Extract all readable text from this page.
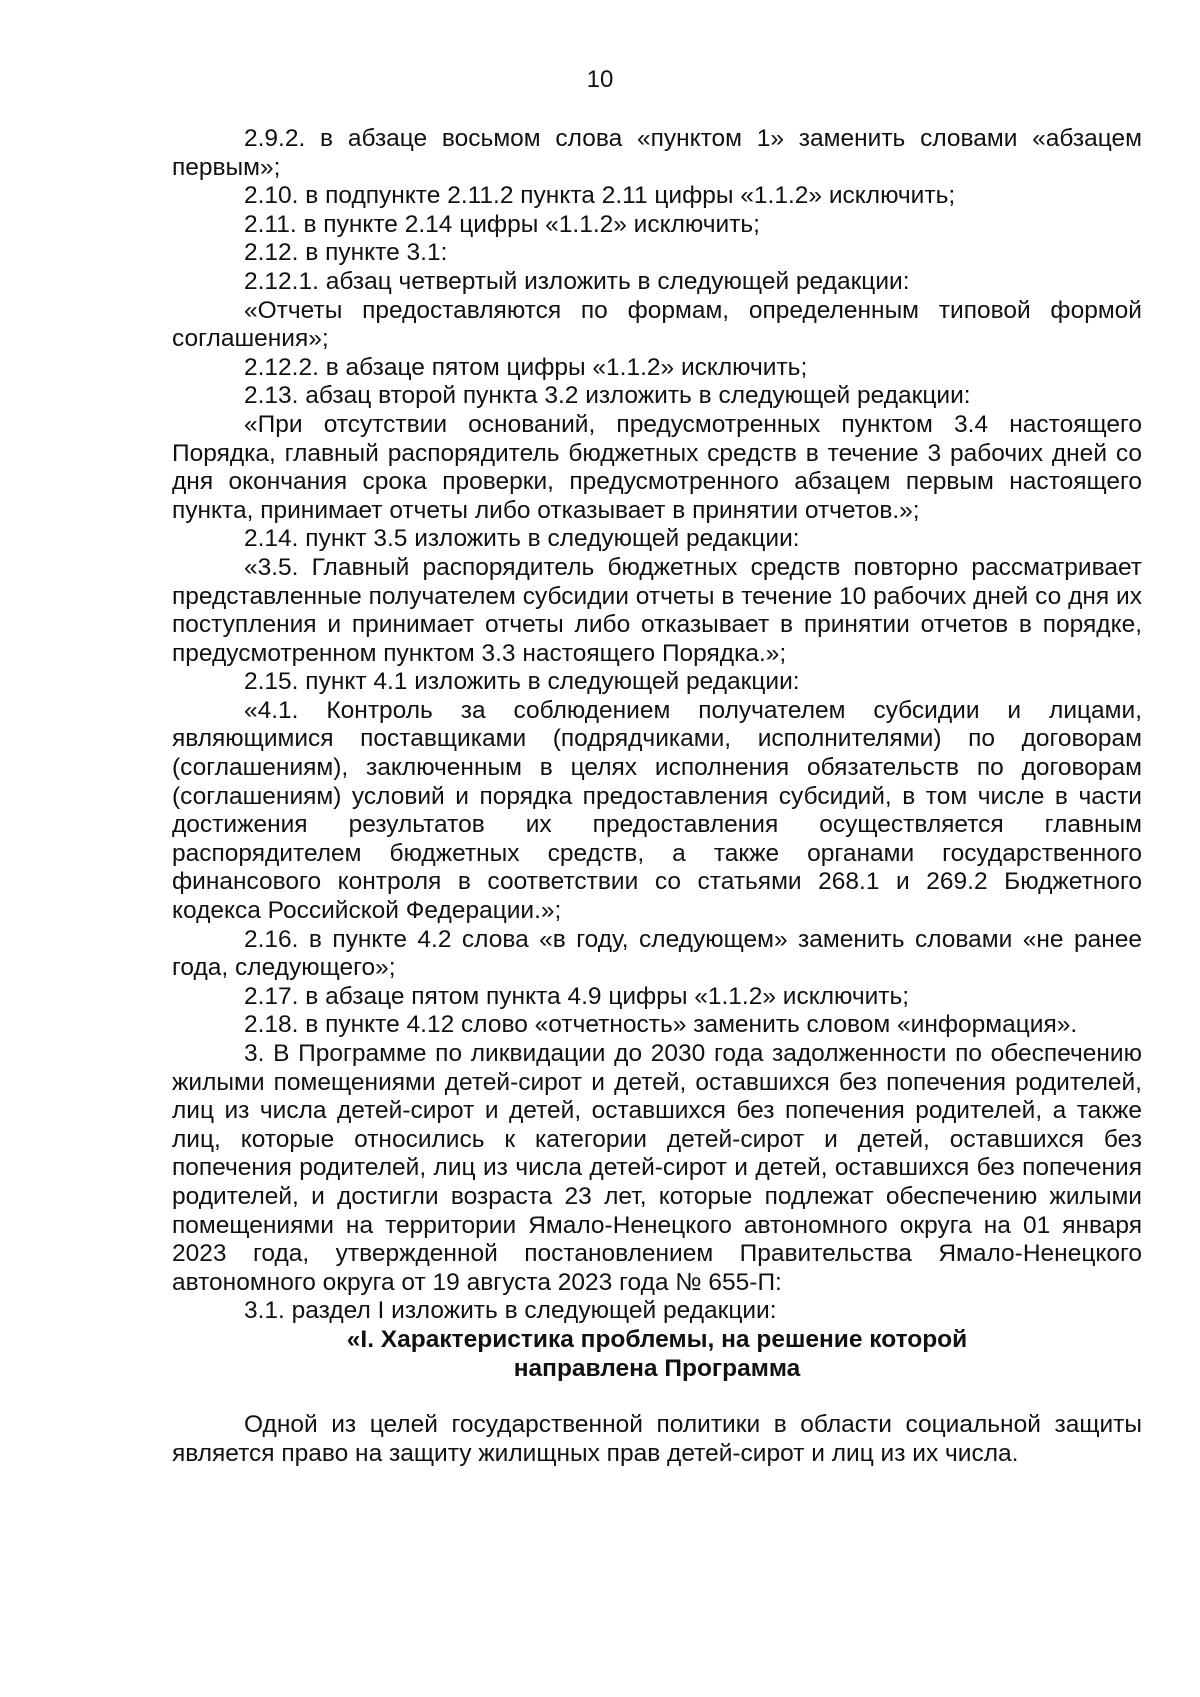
10

2.9.2. в абзаце восьмом слова «пунктом 1» заменить словами «абзацем первым»;

2.10. в подпункте 2.11.2 пункта 2.11 цифры «1.1.2» исключить;

2.11. в пункте 2.14 цифры «1.1.2» исключить;

2.12. в пункте 3.1:

2.12.1. абзац четвертый изложить в следующей редакции:

«Отчеты предоставляются по формам, определенным типовой формой соглашения»;

2.12.2. в абзаце пятом цифры «1.1.2» исключить;

2.13. абзац второй пункта 3.2 изложить в следующей редакции:

«При отсутствии оснований, предусмотренных пунктом 3.4 настоящего Порядка, главный распорядитель бюджетных средств в течение 3 рабочих дней со дня окончания срока проверки, предусмотренного абзацем первым настоящего пункта, принимает отчеты либо отказывает в принятии отчетов.»;

2.14. пункт 3.5 изложить в следующей редакции:

«3.5. Главный распорядитель бюджетных средств повторно рассматривает представленные получателем субсидии отчеты в течение 10 рабочих дней со дня их поступления и принимает отчеты либо отказывает в принятии отчетов в порядке, предусмотренном пунктом 3.3 настоящего Порядка.»;

2.15. пункт 4.1 изложить в следующей редакции:

«4.1. Контроль за соблюдением получателем субсидии и лицами, являющимися поставщиками (подрядчиками, исполнителями) по договорам (соглашениям), заключенным в целях исполнения обязательств по договорам (соглашениям) условий и порядка предоставления субсидий, в том числе в части достижения результатов их предоставления осуществляется главным распорядителем бюджетных средств, а также органами государственного финансового контроля в соответствии со статьями 268.1 и 269.2 Бюджетного кодекса Российской Федерации.»;

2.16. в пункте 4.2 слова «в году, следующем» заменить словами «не ранее года, следующего»;

2.17. в абзаце пятом пункта 4.9 цифры «1.1.2» исключить;

2.18. в пункте 4.12 слово «отчетность» заменить словом «информация».

3. В Программе по ликвидации до 2030 года задолженности по обеспечению жилыми помещениями детей-сирот и детей, оставшихся без попечения родителей, лиц из числа детей-сирот и детей, оставшихся без попечения родителей, а также лиц, которые относились к категории детей-сирот и детей, оставшихся без попечения родителей, лиц из числа детей-сирот и детей, оставшихся без попечения родителей, и достигли возраста 23 лет, которые подлежат обеспечению жилыми помещениями на территории Ямало-Ненецкого автономного округа на 01 января 2023 года, утвержденной постановлением Правительства Ямало-Ненецкого автономного округа от 19 августа 2023 года № 655-П:

3.1. раздел I изложить в следующей редакции:

«I. Характеристика проблемы, на решение которой

направлена Программа

Одной из целей государственной политики в области социальной защиты является право на защиту жилищных прав детей-сирот и лиц из их числа.
